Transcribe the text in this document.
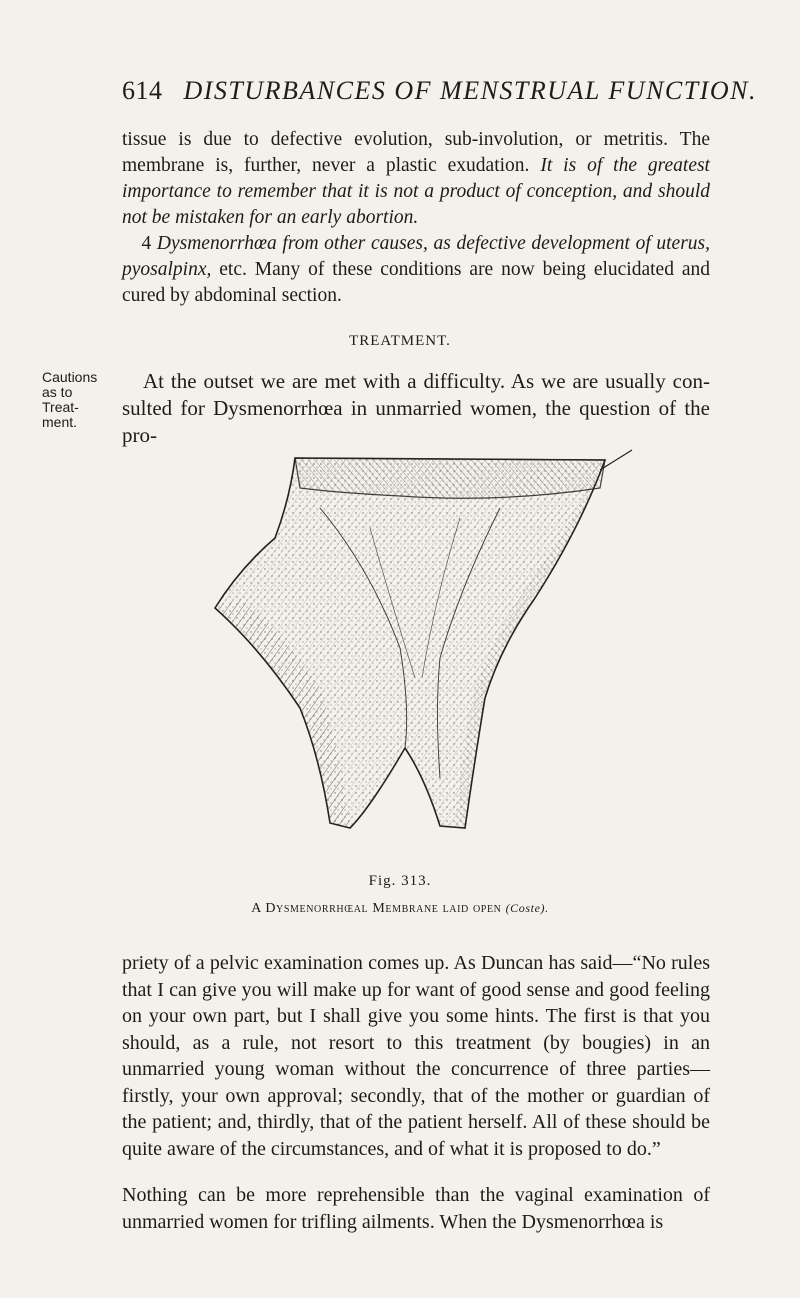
614 DISTURBANCES OF MENSTRUAL FUNCTION.

tissue is due to defective evolution, sub-involution, or metritis. The membrane is, further, never a plastic exudation. It is of the greatest importance to remember that it is not a product of conception, and should not be mistaken for an early abortion.

 4 Dysmenorrhœa from other causes, as defective development of uterus, pyosalpinx, etc. Many of these conditions are now being elucidated and cured by abdominal section.

TREATMENT.
Cautions as to Treat-ment.

 At the outset we are met with a difficulty. As we are usually con-sulted for Dysmenorrhœa in unmarried women, the question of the pro-

Fig. 313.
A Dysmenorrhœal Membrane laid open (Coste).

priety of a pelvic examination comes up. As Duncan has said—“No rules that I can give you will make up for want of good sense and good feeling on your own part, but I shall give you some hints. The first is that you should, as a rule, not resort to this treatment (by bougies) in an unmarried young woman without the concurrence of three parties—firstly, your own approval; secondly, that of the mother or guardian of the patient; and, thirdly, that of the patient herself. All of these should be quite aware of the circumstances, and of what it is proposed to do.”

Nothing can be more reprehensible than the vaginal examination of unmarried women for trifling ailments. When the Dysmenorrhœa is
